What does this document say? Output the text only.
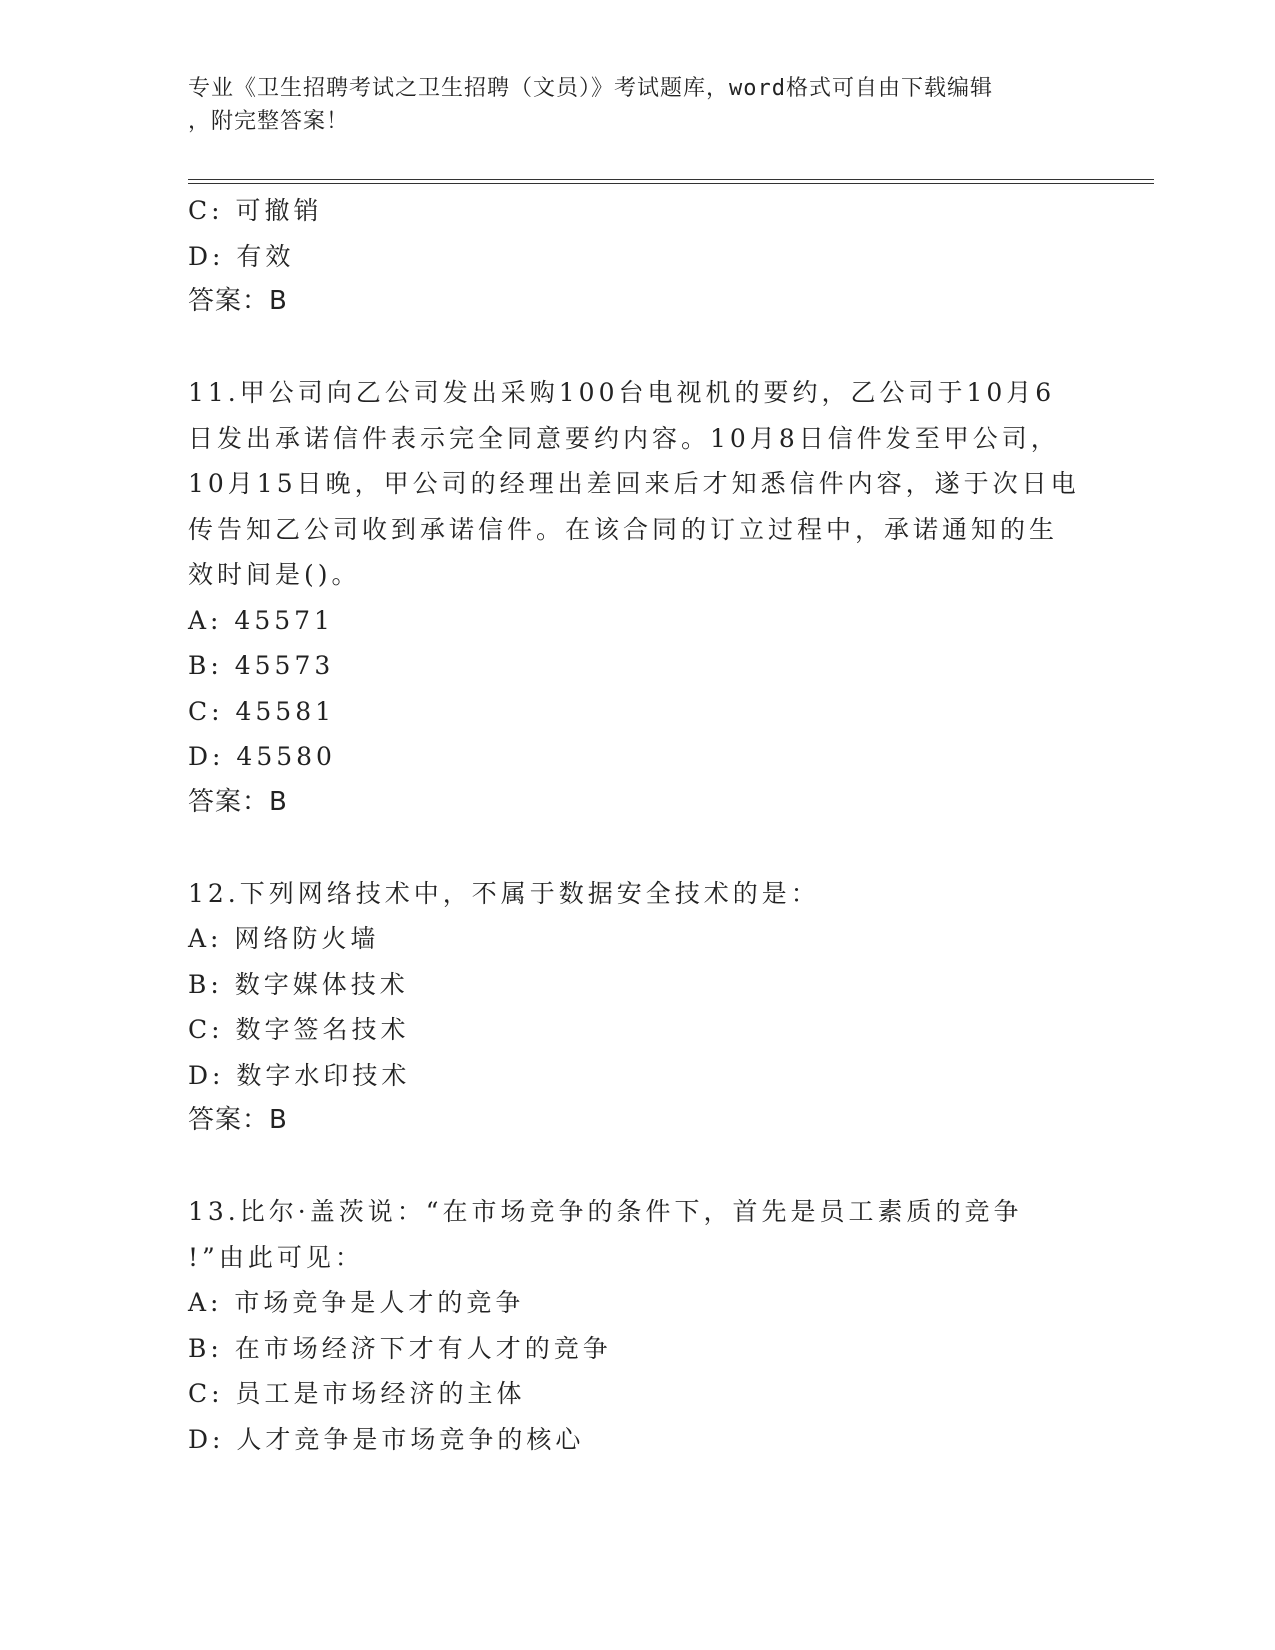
专业《卫生招聘考试之卫生招聘（文员）》考试题库，word格式可自由下载编辑
，附完整答案！
C: 可撤销
D: 有效
答案：B
11.甲公司向乙公司发出采购100台电视机的要约，乙公司于10月6
日发出承诺信件表示完全同意要约内容。10月8日信件发至甲公司，
10月15日晚，甲公司的经理出差回来后才知悉信件内容，遂于次日电
传告知乙公司收到承诺信件。在该合同的订立过程中，承诺通知的生
效时间是()。
A: 45571
B: 45573
C: 45581
D: 45580
答案：B
12.下列网络技术中，不属于数据安全技术的是：
A: 网络防火墙
B: 数字媒体技术
C: 数字签名技术
D: 数字水印技术
答案：B
13.比尔·盖茨说：“在市场竞争的条件下，首先是员工素质的竞争
!”由此可见：
A: 市场竞争是人才的竞争
B: 在市场经济下才有人才的竞争
C: 员工是市场经济的主体
D: 人才竞争是市场竞争的核心
